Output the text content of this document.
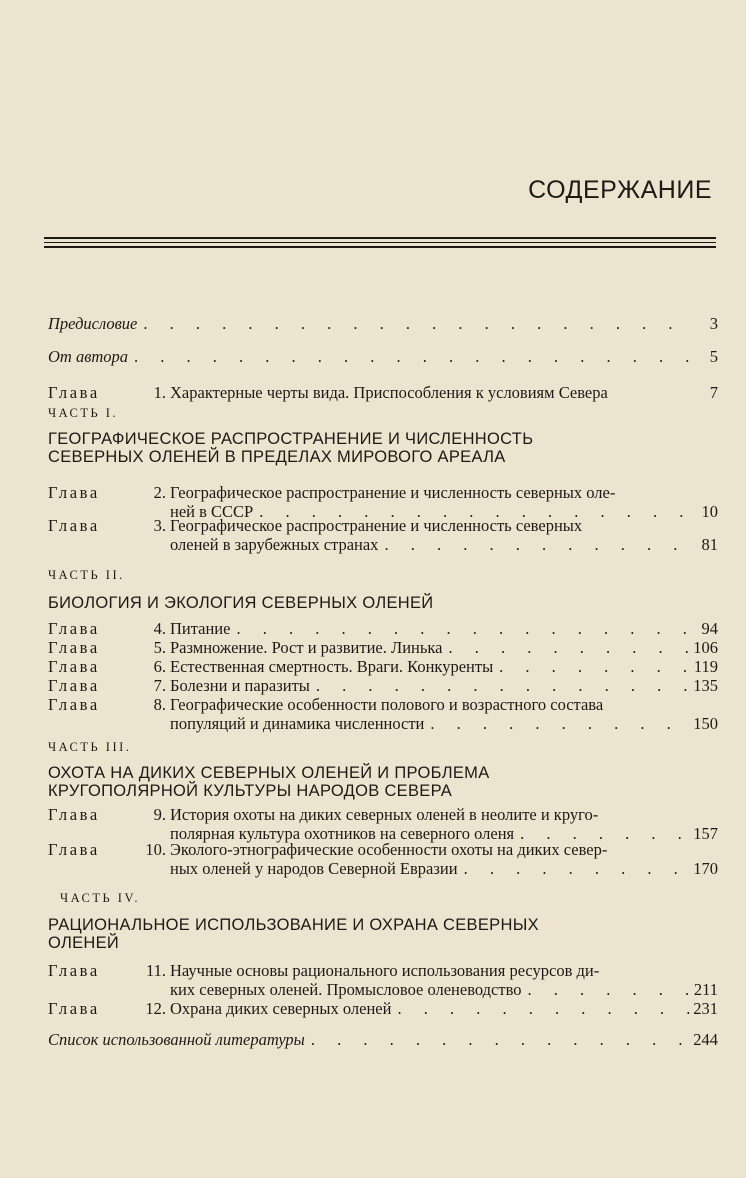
СОДЕРЖАНИЕ
Предисловие . . .	3
От автора . . .	5
Глава	1. Характерные черты вида. Приспособления к условиям Севера	7
ЧАСТЬ I.
ГЕОГРАФИЧЕСКОЕ РАСПРОСТРАНЕНИЕ И ЧИСЛЕННОСТЬ
СЕВЕРНЫХ ОЛЕНЕЙ В ПРЕДЕЛАХ МИРОВОГО АРЕАЛА
Глава	2. Географическое распространение и численность северных оле-
ней в СССР . . .	10
Глава	3. Географическое распространение и численность северных
оленей в зарубежных странах . . .	81
ЧАСТЬ II.
БИОЛОГИЯ И ЭКОЛОГИЯ СЕВЕРНЫХ ОЛЕНЕЙ
Глава	4. Питание . . .	94
Глава	5. Размножение. Рост и развитие. Линька . . .	106
Глава	6. Естественная смертность. Враги. Конкуренты . . .	119
Глава	7. Болезни и паразиты . . .	135
Глава	8. Географические особенности полового и возрастного состава
популяций и динамика численности . . .	150
ЧАСТЬ III.
ОХОТА НА ДИКИХ СЕВЕРНЫХ ОЛЕНЕЙ И ПРОБЛЕМА
КРУГОПОЛЯРНОЙ КУЛЬТУРЫ НАРОДОВ СЕВЕРА
Глава	9. История охоты на диких северных оленей в неолите и круго-
полярная культура охотников на северного оленя . . .	157
Глава	10. Эколого-этнографические особенности охоты на диких север-
ных оленей у народов Северной Евразии . . .	170
ЧАСТЬ IV.
РАЦИОНАЛЬНОЕ ИСПОЛЬЗОВАНИЕ И ОХРАНА СЕВЕРНЫХ
ОЛЕНЕЙ
Глава	11. Научные основы рационального использования ресурсов ди-
ких северных оленей. Промысловое оленеводство . . .	211
Глава	12. Охрана диких северных оленей . . .	231
Список использованной литературы . . .	244
